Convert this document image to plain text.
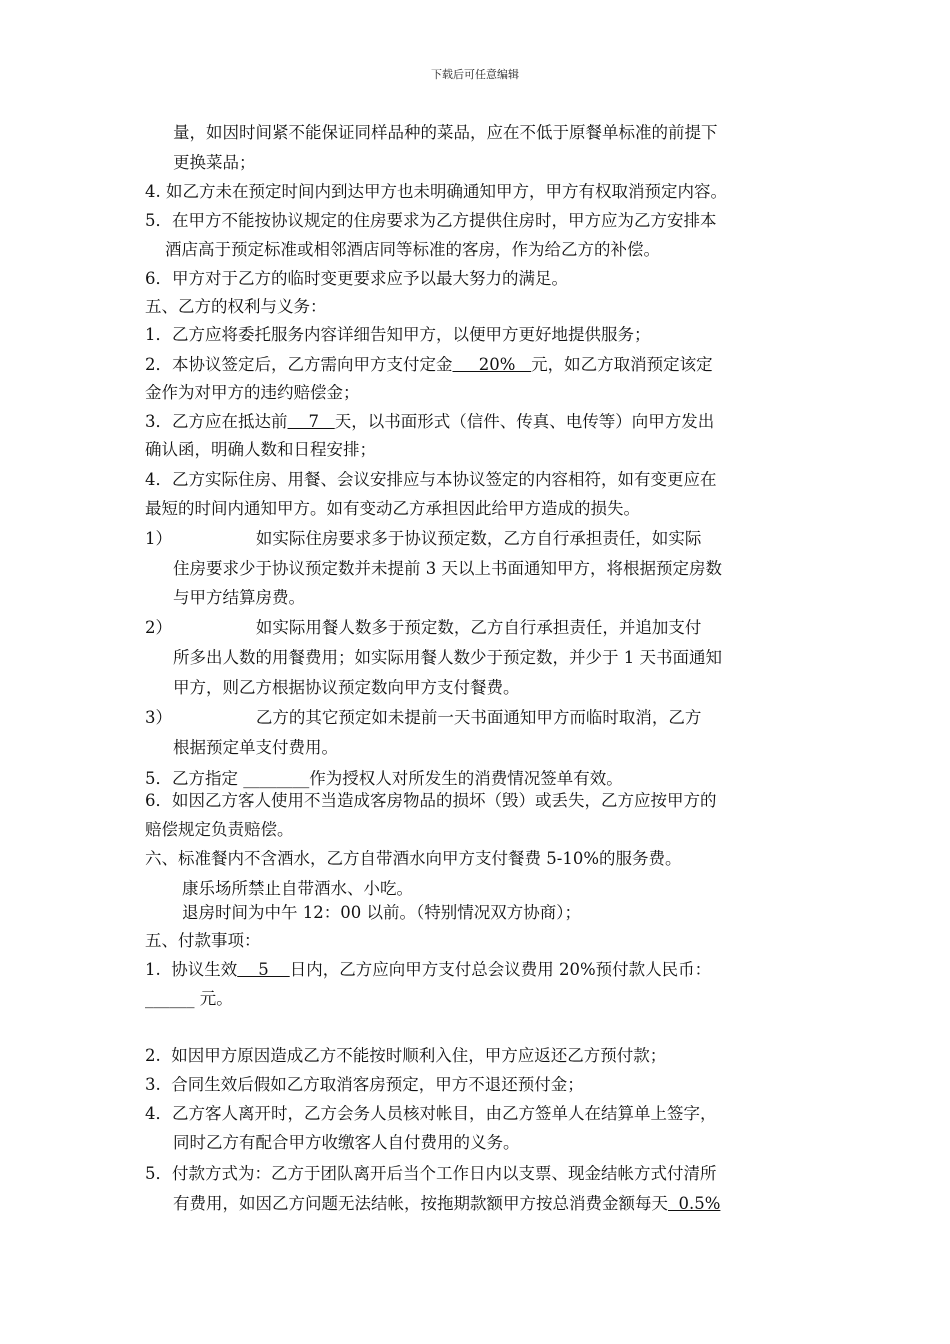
下载后可任意编辑
量，如因时间紧不能保证同样品种的菜品，应在不低于原餐单标准的前提下
更换菜品；
4. 如乙方未在预定时间内到达甲方也未明确通知甲方，甲方有权取消预定内容。
5．在甲方不能按协议规定的住房要求为乙方提供住房时，甲方应为乙方安排本
酒店高于预定标准或相邻酒店同等标准的客房，作为给乙方的补偿。
6．甲方对于乙方的临时变更要求应予以最大努力的满足。
五、乙方的权利与义务：
1．乙方应将委托服务内容详细告知甲方，以便甲方更好地提供服务；
2．本协议签定后，乙方需向甲方支付定金     20%   元，如乙方取消预定该定
金作为对甲方的违约赔偿金；
3．乙方应在抵达前    7   天，以书面形式（信件、传真、电传等）向甲方发出
确认函，明确人数和日程安排；
4．乙方实际住房、用餐、会议安排应与本协议签定的内容相符，如有变更应在
最短的时间内通知甲方。如有变动乙方承担因此给甲方造成的损失。
1）                如实际住房要求多于协议预定数，乙方自行承担责任，如实际
住房要求少于协议预定数并未提前 3 天以上书面通知甲方，将根据预定房数
与甲方结算房费。
2）                如实际用餐人数多于预定数，乙方自行承担责任，并追加支付
所多出人数的用餐费用；如实际用餐人数少于预定数，并少于 1 天书面通知
甲方，则乙方根据协议预定数向甲方支付餐费。
3）                乙方的其它预定如未提前一天书面通知甲方而临时取消，乙方
根据预定单支付费用。
5．乙方指定 ________作为授权人对所发生的消费情况签单有效。
6．如因乙方客人使用不当造成客房物品的损坏（毁）或丢失，乙方应按甲方的
赔偿规定负责赔偿。
六、标准餐内不含酒水，乙方自带酒水向甲方支付餐费 5-10%的服务费。
康乐场所禁止自带酒水、小吃。
退房时间为中午 12：00 以前。（特别情况双方协商）；
五、付款事项：
1.  协议生效    5    日内，乙方应向甲方支付总会议费用 20%预付款人民币：
______ 元。
2.  如因甲方原因造成乙方不能按时顺利入住，甲方应返还乙方预付款；
3.  合同生效后假如乙方取消客房预定，甲方不退还预付金；
4．乙方客人离开时，乙方会务人员核对帐目，由乙方签单人在结算单上签字，
同时乙方有配合甲方收缴客人自付费用的义务。
5．付款方式为：乙方于团队离开后当个工作日内以支票、现金结帐方式付清所
有费用，如因乙方问题无法结帐，按拖期款额甲方按总消费金额每天  0.5%
